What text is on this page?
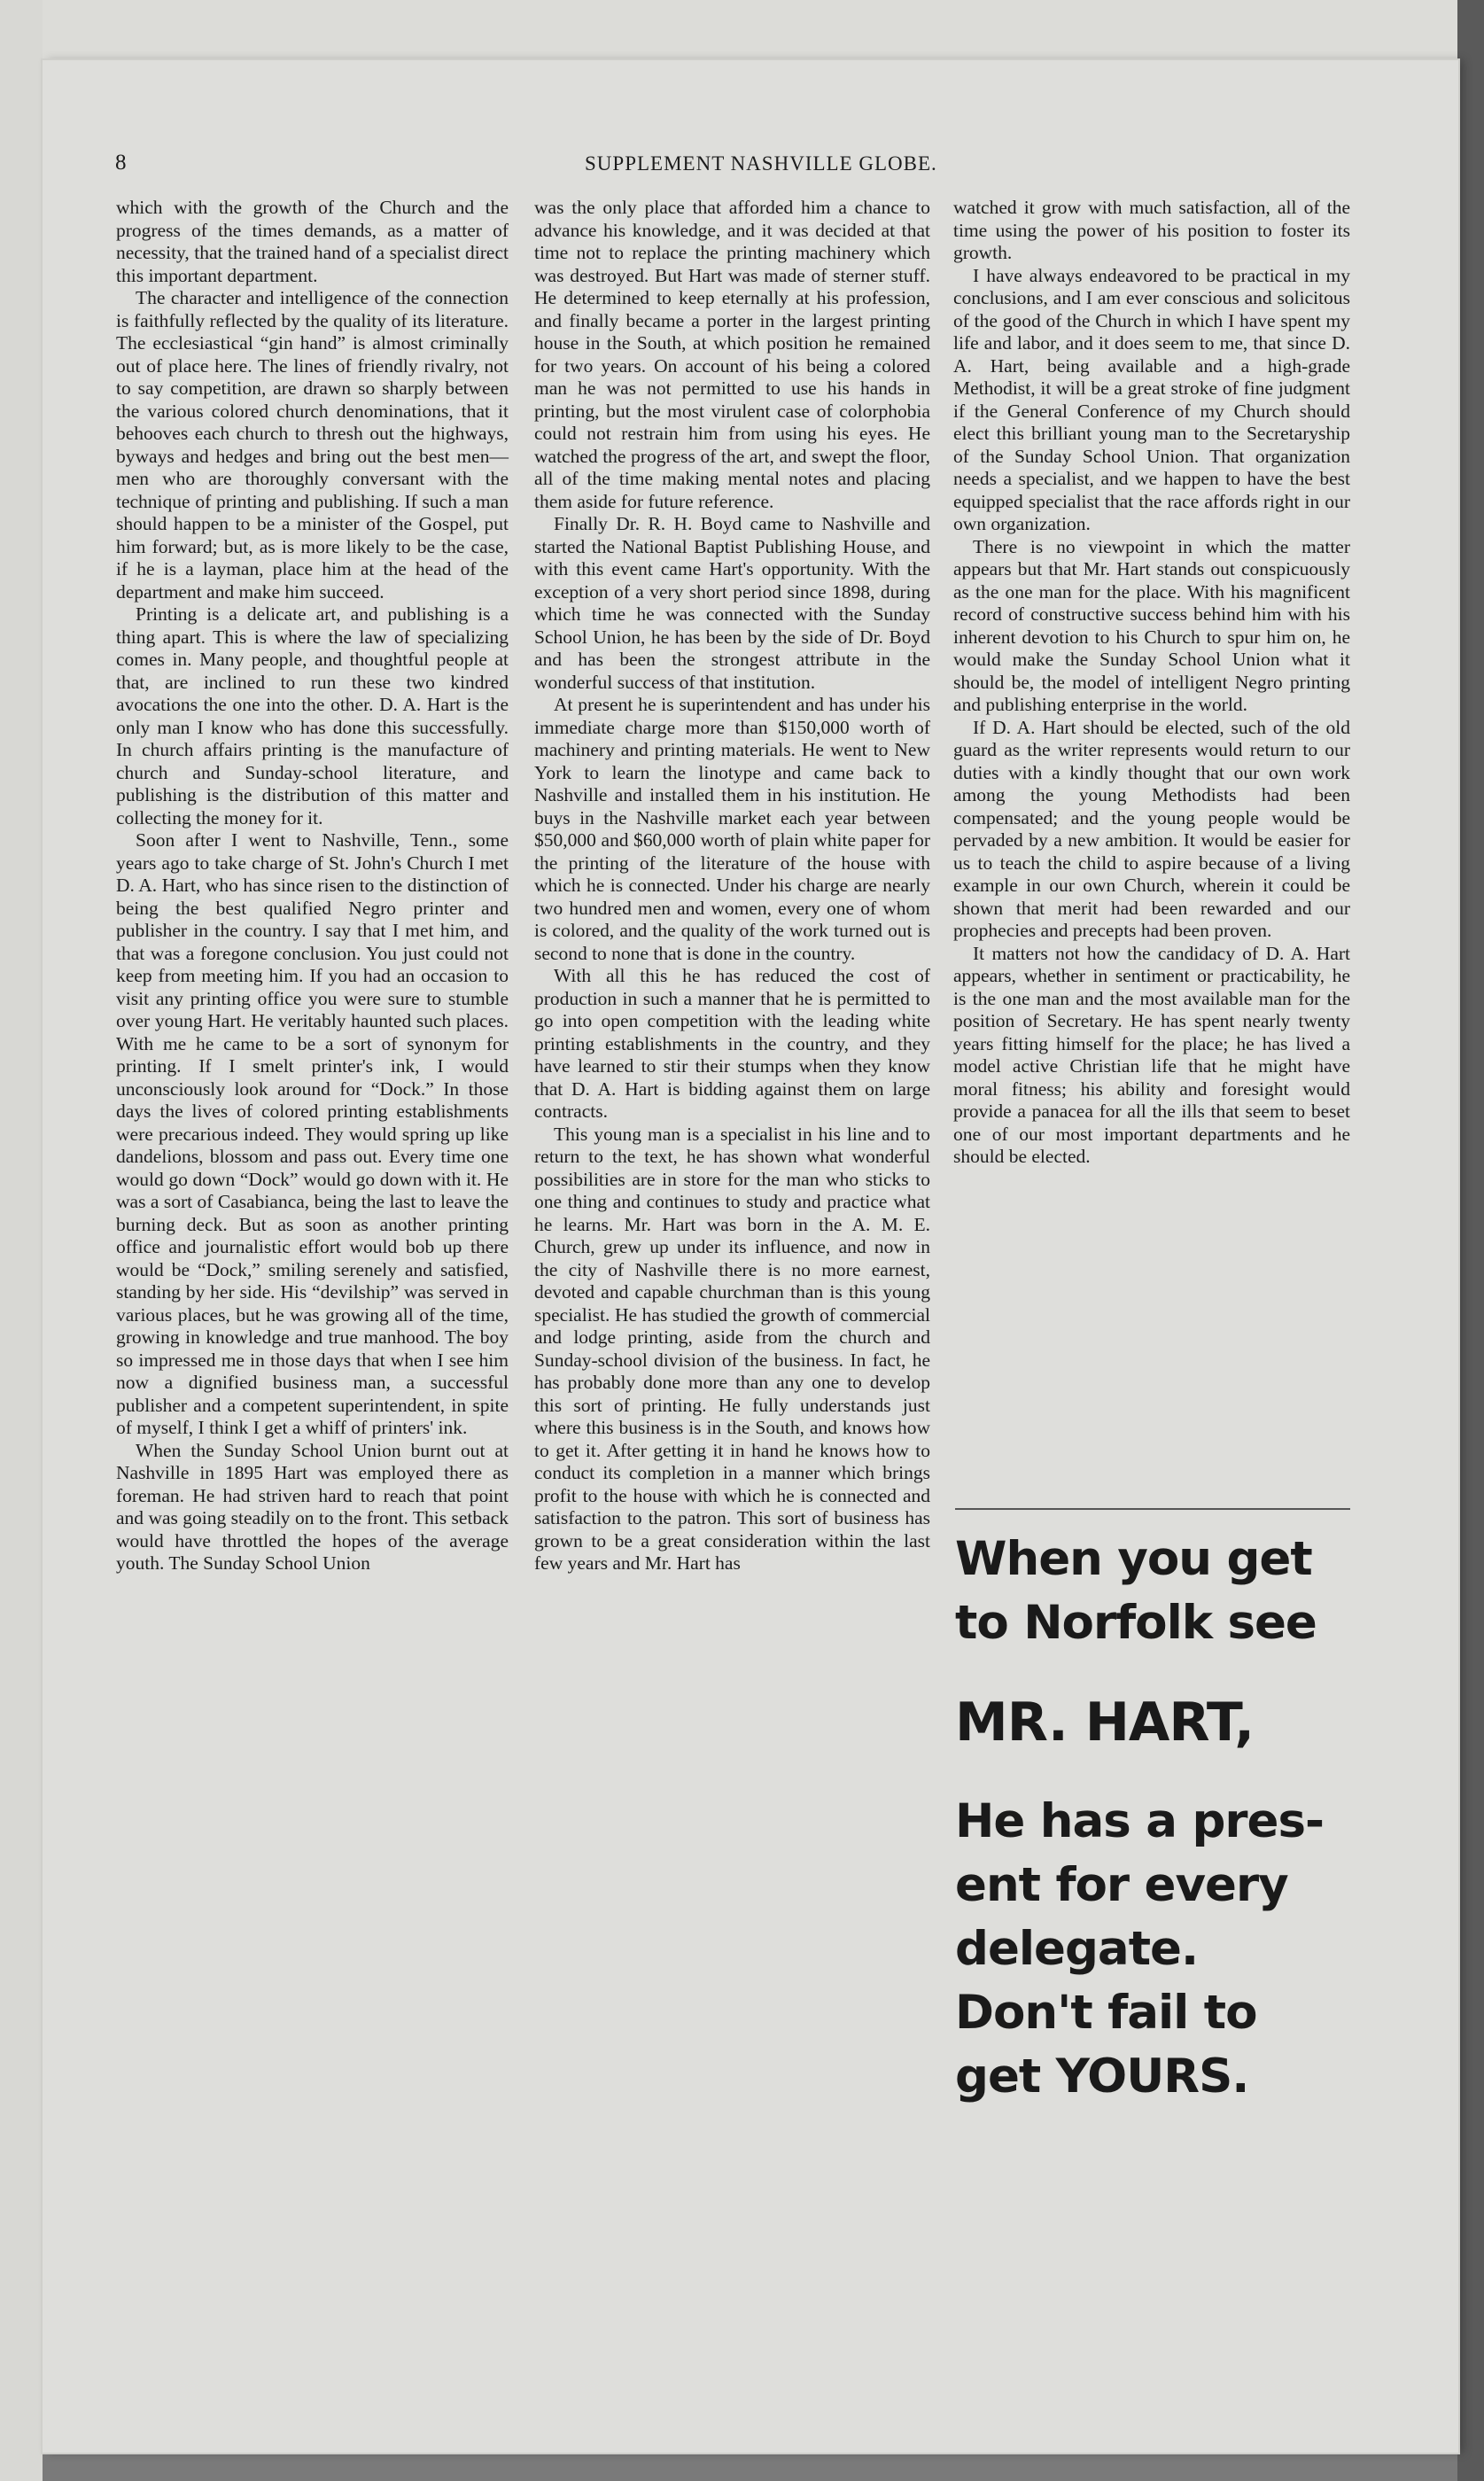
8	SUPPLEMENT NASHVILLE GLOBE.

which with the growth of the Church and the progress of the times demands, as a matter of necessity, that the trained hand of a specialist direct this important department.

The character and intelligence of the connection is faithfully reflected by the quality of its literature. The ecclesiastical “gin hand” is almost criminally out of place here. The lines of friendly rivalry, not to say competition, are drawn so sharply between the various colored church denominations, that it behooves each church to thresh out the highways, byways and hedges and bring out the best men—men who are thoroughly conversant with the technique of printing and publishing. If such a man should happen to be a minister of the Gospel, put him forward; but, as is more likely to be the case, if he is a layman, place him at the head of the department and make him succeed.

Printing is a delicate art, and publishing is a thing apart. This is where the law of specializing comes in. Many people, and thoughtful people at that, are inclined to run these two kindred avocations the one into the other. D. A. Hart is the only man I know who has done this successfully. In church affairs printing is the manufacture of church and Sunday-school literature, and publishing is the distribution of this matter and collecting the money for it.

Soon after I went to Nashville, Tenn., some years ago to take charge of St. John's Church I met D. A. Hart, who has since risen to the distinction of being the best qualified Negro printer and publisher in the country. I say that I met him, and that was a foregone conclusion. You just could not keep from meeting him. If you had an occasion to visit any printing office you were sure to stumble over young Hart. He veritably haunted such places. With me he came to be a sort of synonym for printing. If I smelt printer's ink, I would unconsciously look around for “Dock.” In those days the lives of colored printing establishments were precarious indeed. They would spring up like dandelions, blossom and pass out. Every time one would go down “Dock” would go down with it. He was a sort of Casabianca, being the last to leave the burning deck. But as soon as another printing office and journalistic effort would bob up there would be “Dock,” smiling serenely and satisfied, standing by her side. His “devilship” was served in various places, but he was growing all of the time, growing in knowledge and true manhood. The boy so impressed me in those days that when I see him now a dignified business man, a successful publisher and a competent superintendent, in spite of myself, I think I get a whiff of printers' ink.

When the Sunday School Union burnt out at Nashville in 1895 Hart was employed there as foreman. He had striven hard to reach that point and was going steadily on to the front. This setback would have throttled the hopes of the average youth. The Sunday School Union

was the only place that afforded him a chance to advance his knowledge, and it was decided at that time not to replace the printing machinery which was destroyed. But Hart was made of sterner stuff. He determined to keep eternally at his profession, and finally became a porter in the largest printing house in the South, at which position he remained for two years. On account of his being a colored man he was not permitted to use his hands in printing, but the most virulent case of colorphobia could not restrain him from using his eyes. He watched the progress of the art, and swept the floor, all of the time making mental notes and placing them aside for future reference.

Finally Dr. R. H. Boyd came to Nashville and started the National Baptist Publishing House, and with this event came Hart's opportunity. With the exception of a very short period since 1898, during which time he was connected with the Sunday School Union, he has been by the side of Dr. Boyd and has been the strongest attribute in the wonderful success of that institution.

At present he is superintendent and has under his immediate charge more than $150,000 worth of machinery and printing materials. He went to New York to learn the linotype and came back to Nashville and installed them in his institution. He buys in the Nashville market each year between $50,000 and $60,000 worth of plain white paper for the printing of the literature of the house with which he is connected. Under his charge are nearly two hundred men and women, every one of whom is colored, and the quality of the work turned out is second to none that is done in the country.

With all this he has reduced the cost of production in such a manner that he is permitted to go into open competition with the leading white printing establishments in the country, and they have learned to stir their stumps when they know that D. A. Hart is bidding against them on large contracts.

This young man is a specialist in his line and to return to the text, he has shown what wonderful possibilities are in store for the man who sticks to one thing and continues to study and practice what he learns. Mr. Hart was born in the A. M. E. Church, grew up under its influence, and now in the city of Nashville there is no more earnest, devoted and capable churchman than is this young specialist. He has studied the growth of commercial and lodge printing, aside from the church and Sunday-school division of the business. In fact, he has probably done more than any one to develop this sort of printing. He fully understands just where this business is in the South, and knows how to get it. After getting it in hand he knows how to conduct its completion in a manner which brings profit to the house with which he is connected and satisfaction to the patron. This sort of business has grown to be a great consideration within the last few years and Mr. Hart has

watched it grow with much satisfaction, all of the time using the power of his position to foster its growth.

I have always endeavored to be practical in my conclusions, and I am ever conscious and solicitous of the good of the Church in which I have spent my life and labor, and it does seem to me, that since D. A. Hart, being available and a high-grade Methodist, it will be a great stroke of fine judgment if the General Conference of my Church should elect this brilliant young man to the Secretaryship of the Sunday School Union. That organization needs a specialist, and we happen to have the best equipped specialist that the race affords right in our own organization.

There is no viewpoint in which the matter appears but that Mr. Hart stands out conspicuously as the one man for the place. With his magnificent record of constructive success behind him with his inherent devotion to his Church to spur him on, he would make the Sunday School Union what it should be, the model of intelligent Negro printing and publishing enterprise in the world.

If D. A. Hart should be elected, such of the old guard as the writer represents would return to our duties with a kindly thought that our own work among the young Methodists had been compensated; and the young people would be pervaded by a new ambition. It would be easier for us to teach the child to aspire because of a living example in our own Church, wherein it could be shown that merit had been rewarded and our prophecies and precepts had been proven.

It matters not how the candidacy of D. A. Hart appears, whether in sentiment or practicability, he is the one man and the most available man for the position of Secretary. He has spent nearly twenty years fitting himself for the place; he has lived a model active Christian life that he might have moral fitness; his ability and foresight would provide a panacea for all the ills that seem to beset one of our most important departments and he should be elected.

When you get
to Norfolk see
MR. HART,
He has a pres-
ent for every
delegate.
Don't fail to
get YOURS.
